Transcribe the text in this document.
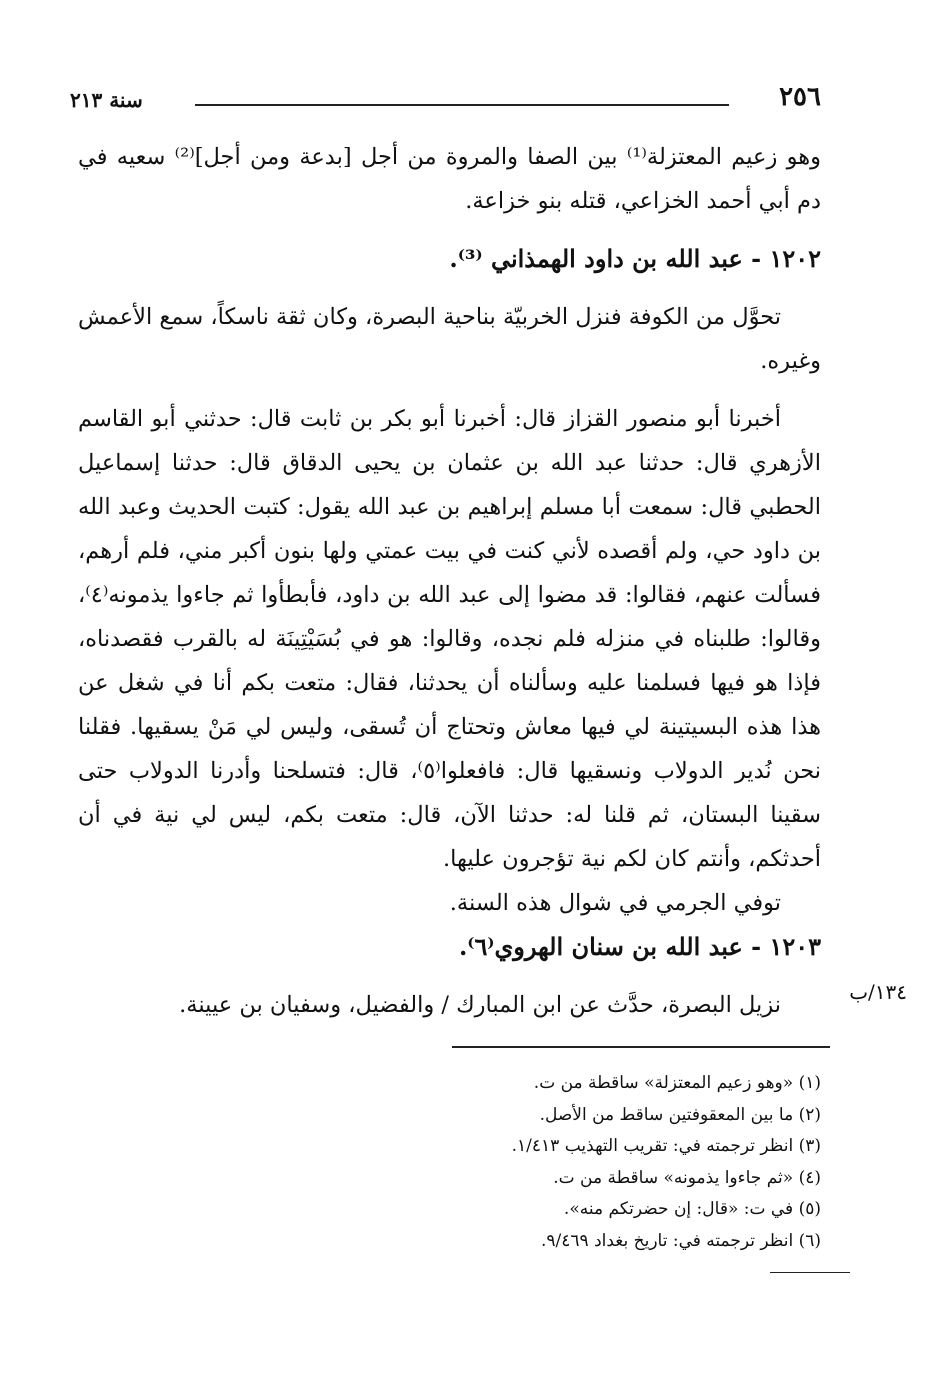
٢٥٦
سنة ٢١٣

وهو زعيم المعتزلة⁽¹⁾ بين الصفا والمروة من أجل [بدعة ومن أجل]⁽²⁾ سعيه في دم أبي أحمد الخزاعي، قتله بنو خزاعة.

١٢٠٢ - عبد الله بن داود الهمذاني ⁽³⁾.

تحوَّل من الكوفة فنزل الخربيّة بناحية البصرة، وكان ثقة ناسكاً، سمع الأعمش وغيره.

أخبرنا أبو منصور القزاز قال: أخبرنا أبو بكر بن ثابت قال: حدثني أبو القاسم الأزهري قال: حدثنا عبد الله بن عثمان بن يحيى الدقاق قال: حدثنا إسماعيل الحطبي قال: سمعت أبا مسلم إبراهيم بن عبد الله يقول: كتبت الحديث وعبد الله بن داود حي، ولم أقصده لأني كنت في بيت عمتي ولها بنون أكبر مني، فلم أرهم، فسألت عنهم، فقالوا: قد مضوا إلى عبد الله بن داود، فأبطأوا ثم جاءوا يذمونه⁽٤⁾، وقالوا: طلبناه في منزله فلم نجده، وقالوا: هو في بُسَيْتِينَة له بالقرب فقصدناه، فإذا هو فيها فسلمنا عليه وسألناه أن يحدثنا، فقال: متعت بكم أنا في شغل عن هذا هذه البسيتينة لي فيها معاش وتحتاج أن تُسقى، وليس لي مَنْ يسقيها. فقلنا نحن نُدير الدولاب ونسقيها قال: فافعلوا⁽٥⁾، قال: فتسلحنا وأدرنا الدولاب حتى سقينا البستان، ثم قلنا له: حدثنا الآن، قال: متعت بكم، ليس لي نية في أن أحدثكم، وأنتم كان لكم نية تؤجرون عليها.

توفي الجرمي في شوال هذه السنة.

١٢٠٣ - عبد الله بن سنان الهروي⁽٦⁾.

نزيل البصرة، حدَّث عن ابن المبارك / والفضيل، وسفيان بن عيينة.	١٣٤/ب
(١) «وهو زعيم المعتزلة» ساقطة من ت.
(٢) ما بين المعقوفتين ساقط من الأصل.
(٣) انظر ترجمته في: تقريب التهذيب ١/٤١٣.
(٤) «ثم جاءوا يذمونه» ساقطة من ت.
(٥) في ت: «قال: إن حضرتكم منه».
(٦) انظر ترجمته في: تاريخ بغداد ٩/٤٦٩.
